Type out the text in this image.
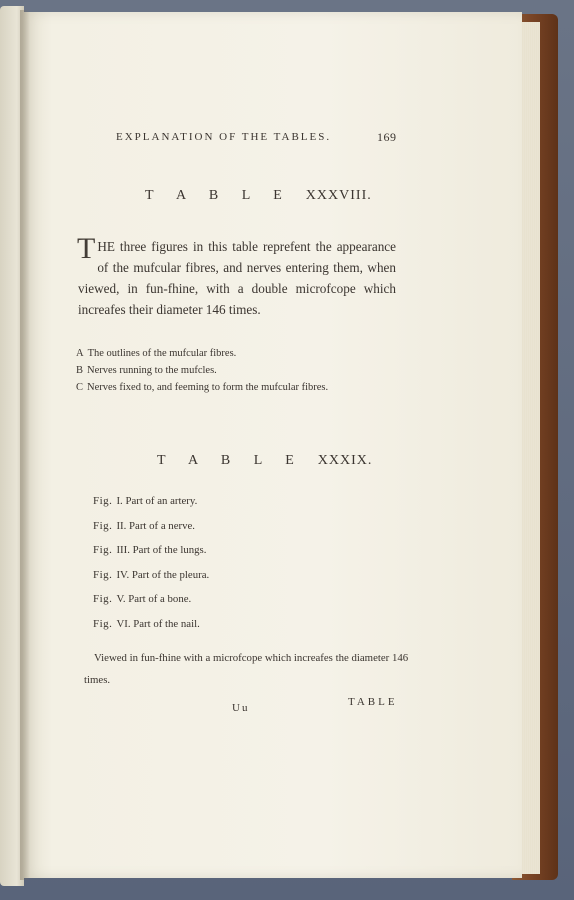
EXPLANATION OF THE TABLES.	169
T A B L E XXXVIII.
THE three figures in this table reprefent the appearance of the mufcular fibres, and nerves entering them, when viewed, in fun-fhine, with a double microfcope which increafes their diameter 146 times.
A The outlines of the mufcular fibres.
B Nerves running to the mufcles.
C Nerves fixed to, and feeming to form the mufcular fibres.
T A B L E XXXIX.
Fig. I. Part of an artery.
Fig. II. Part of a nerve.
Fig. III. Part of the lungs.
Fig. IV. Part of the pleura.
Fig. V. Part of a bone.
Fig. VI. Part of the nail.
Viewed in fun-fhine with a microfcope which increafes the diameter 146
times.
Uu	TABLE
